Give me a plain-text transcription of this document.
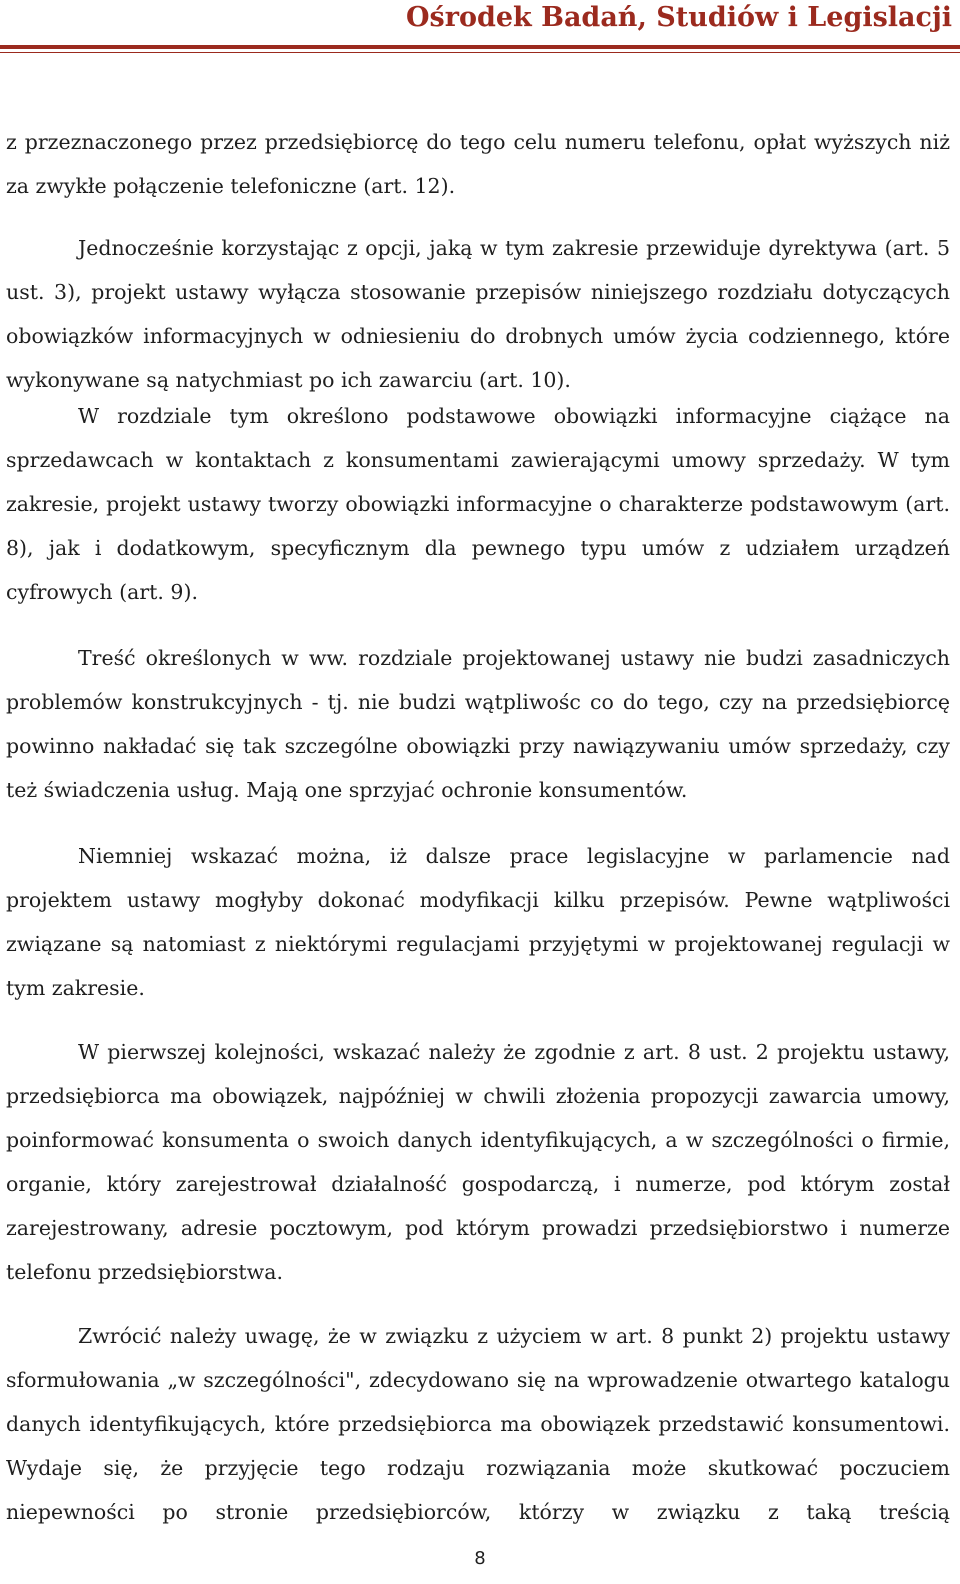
Ośrodek Badań, Studiów i Legislacji

z przeznaczonego przez przedsiębiorcę do tego celu numeru telefonu, opłat wyższych niż za zwykłe połączenie telefoniczne (art. 12).

Jednocześnie korzystając z opcji, jaką w tym zakresie przewiduje dyrektywa (art. 5 ust. 3), projekt ustawy wyłącza stosowanie przepisów niniejszego rozdziału dotyczących obowiązków informacyjnych w odniesieniu do drobnych umów życia codziennego, które wykonywane są natychmiast po ich zawarciu (art. 10).

W rozdziale tym określono podstawowe obowiązki informacyjne ciążące na sprzedawcach w kontaktach z konsumentami zawierającymi umowy sprzedaży. W tym zakresie, projekt ustawy tworzy obowiązki informacyjne o charakterze podstawowym (art. 8), jak i dodatkowym, specyficznym dla pewnego typu umów z udziałem urządzeń cyfrowych (art. 9).

Treść określonych w ww. rozdziale projektowanej ustawy nie budzi zasadniczych problemów konstrukcyjnych - tj. nie budzi wątpliwośc co do tego, czy na przedsiębiorcę powinno nakładać się tak szczególne obowiązki przy nawiązywaniu umów sprzedaży, czy też świadczenia usług. Mają one sprzyjać ochronie konsumentów.

Niemniej wskazać można, iż dalsze prace legislacyjne w parlamencie nad projektem ustawy mogłyby dokonać modyfikacji kilku przepisów. Pewne wątpliwości związane są natomiast z niektórymi regulacjami przyjętymi w projektowanej regulacji w tym zakresie.

W pierwszej kolejności, wskazać należy że zgodnie z art. 8 ust. 2 projektu ustawy, przedsiębiorca ma obowiązek, najpóźniej w chwili złożenia propozycji zawarcia umowy, poinformować konsumenta o swoich danych identyfikujących, a w szczególności o firmie, organie, który zarejestrował działalność gospodarczą, i numerze, pod którym został zarejestrowany, adresie pocztowym, pod którym prowadzi przedsiębiorstwo i numerze telefonu przedsiębiorstwa.

Zwrócić należy uwagę, że w związku z użyciem w art. 8 punkt 2) projektu ustawy sformułowania „w szczególności", zdecydowano się na wprowadzenie otwartego katalogu danych identyfikujących, które przedsiębiorca ma obowiązek przedstawić konsumentowi. Wydaje się, że przyjęcie tego rodzaju rozwiązania może skutkować poczuciem niepewności po stronie przedsiębiorców, którzy w związku z taką treścią

8
